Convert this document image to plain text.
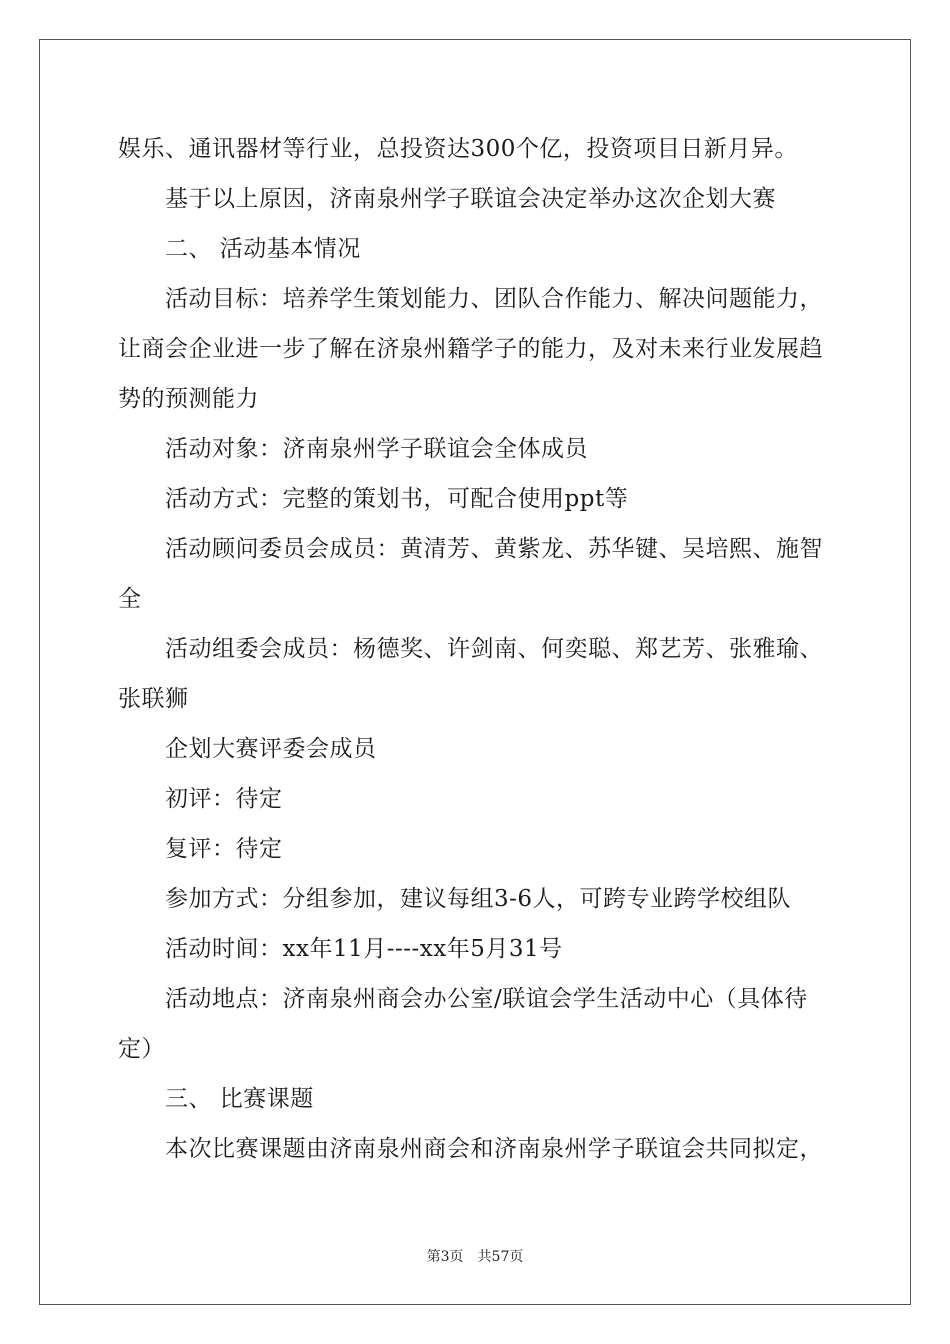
娱乐、通讯器材等行业，总投资达300个亿，投资项目日新月异。
基于以上原因，济南泉州学子联谊会决定举办这次企划大赛
二、 活动基本情况
活动目标：培养学生策划能力、团队合作能力、解决问题能力，
让商会企业进一步了解在济泉州籍学子的能力，及对未来行业发展趋
势的预测能力
活动对象：济南泉州学子联谊会全体成员
活动方式：完整的策划书，可配合使用ppt等
活动顾问委员会成员：黄清芳、黄紫龙、苏华键、吴培熙、施智
全
活动组委会成员：杨德奖、许剑南、何奕聪、郑艺芳、张雅瑜、
张联狮
企划大赛评委会成员
初评：待定
复评：待定
参加方式：分组参加，建议每组3-6人，可跨专业跨学校组队
活动时间：xx年11月----xx年5月31号
活动地点：济南泉州商会办公室/联谊会学生活动中心（具体待
定）
三、 比赛课题
本次比赛课题由济南泉州商会和济南泉州学子联谊会共同拟定，
第3页 共57页
